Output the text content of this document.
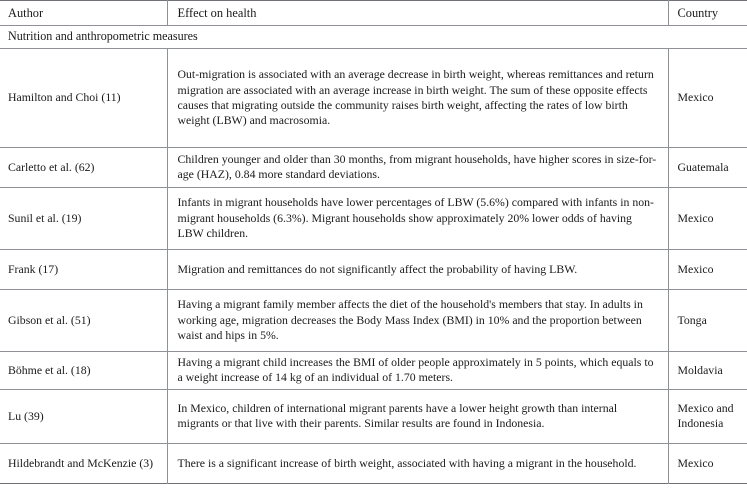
Author	Effect on health	Country
Nutrition and anthropometric measures		
Hamilton and Choi (11)	Out-migration is associated with an average decrease in birth weight, whereas remittances and return migration are associated with an average increase in birth weight. The sum of these opposite effects causes that migrating outside the community raises birth weight, affecting the rates of low birth weight (LBW) and macrosomia.	Mexico
Carletto et al. (62)	Children younger and older than 30 months, from migrant households, have higher scores in size-for-age (HAZ), 0.84 more standard deviations.	Guatemala
Sunil et al. (19)	Infants in migrant households have lower percentages of LBW (5.6%) compared with infants in non-migrant households (6.3%). Migrant households show approximately 20% lower odds of having LBW children.	Mexico
Frank (17)	Migration and remittances do not significantly affect the probability of having LBW.	Mexico
Gibson et al. (51)	Having a migrant family member affects the diet of the household's members that stay. In adults in working age, migration decreases the Body Mass Index (BMI) in 10% and the proportion between waist and hips in 5%.	Tonga
Böhme et al. (18)	Having a migrant child increases the BMI of older people approximately in 5 points, which equals to a weight increase of 14 kg of an individual of 1.70 meters.	Moldavia
Lu (39)	In Mexico, children of international migrant parents have a lower height growth than internal migrants or that live with their parents. Similar results are found in Indonesia.	Mexico and Indonesia
Hildebrandt and McKenzie (3)	There is a significant increase of birth weight, associated with having a migrant in the household.	Mexico
